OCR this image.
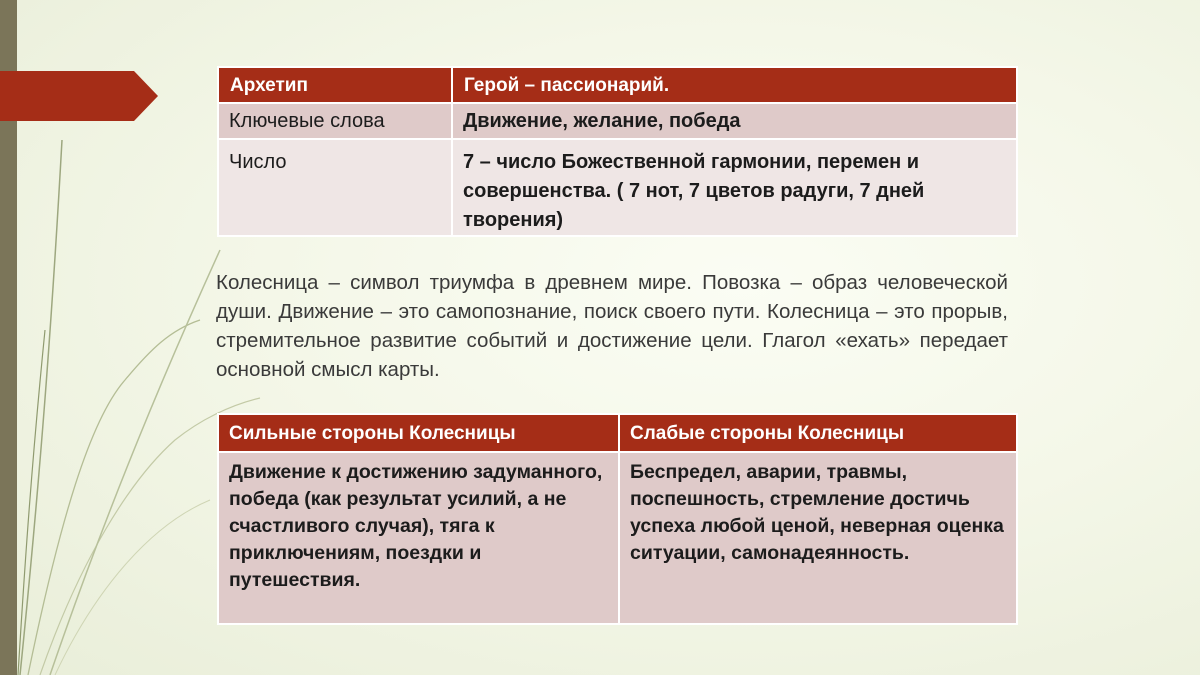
Архетип	Герой – пассионарий.
Ключевые слова	Движение, желание, победа
Число	7 – число Божественной гармонии, перемен и совершенства. ( 7 нот, 7 цветов радуги, 7 дней творения)
Колесница – символ триумфа в древнем мире. Повозка – образ человеческой души. Движение – это самопознание, поиск своего пути. Колесница – это прорыв, стремительное развитие событий и достижение цели. Глагол «ехать» передает основной смысл карты.
Сильные стороны Колесницы	Слабые стороны Колесницы
Движение к достижению задуманного, победа (как результат усилий, а не счастливого случая), тяга к приключениям, поездки и путешествия.	Беспредел, аварии, травмы, поспешность, стремление достичь успеха любой ценой, неверная оценка ситуации, самонадеянность.
